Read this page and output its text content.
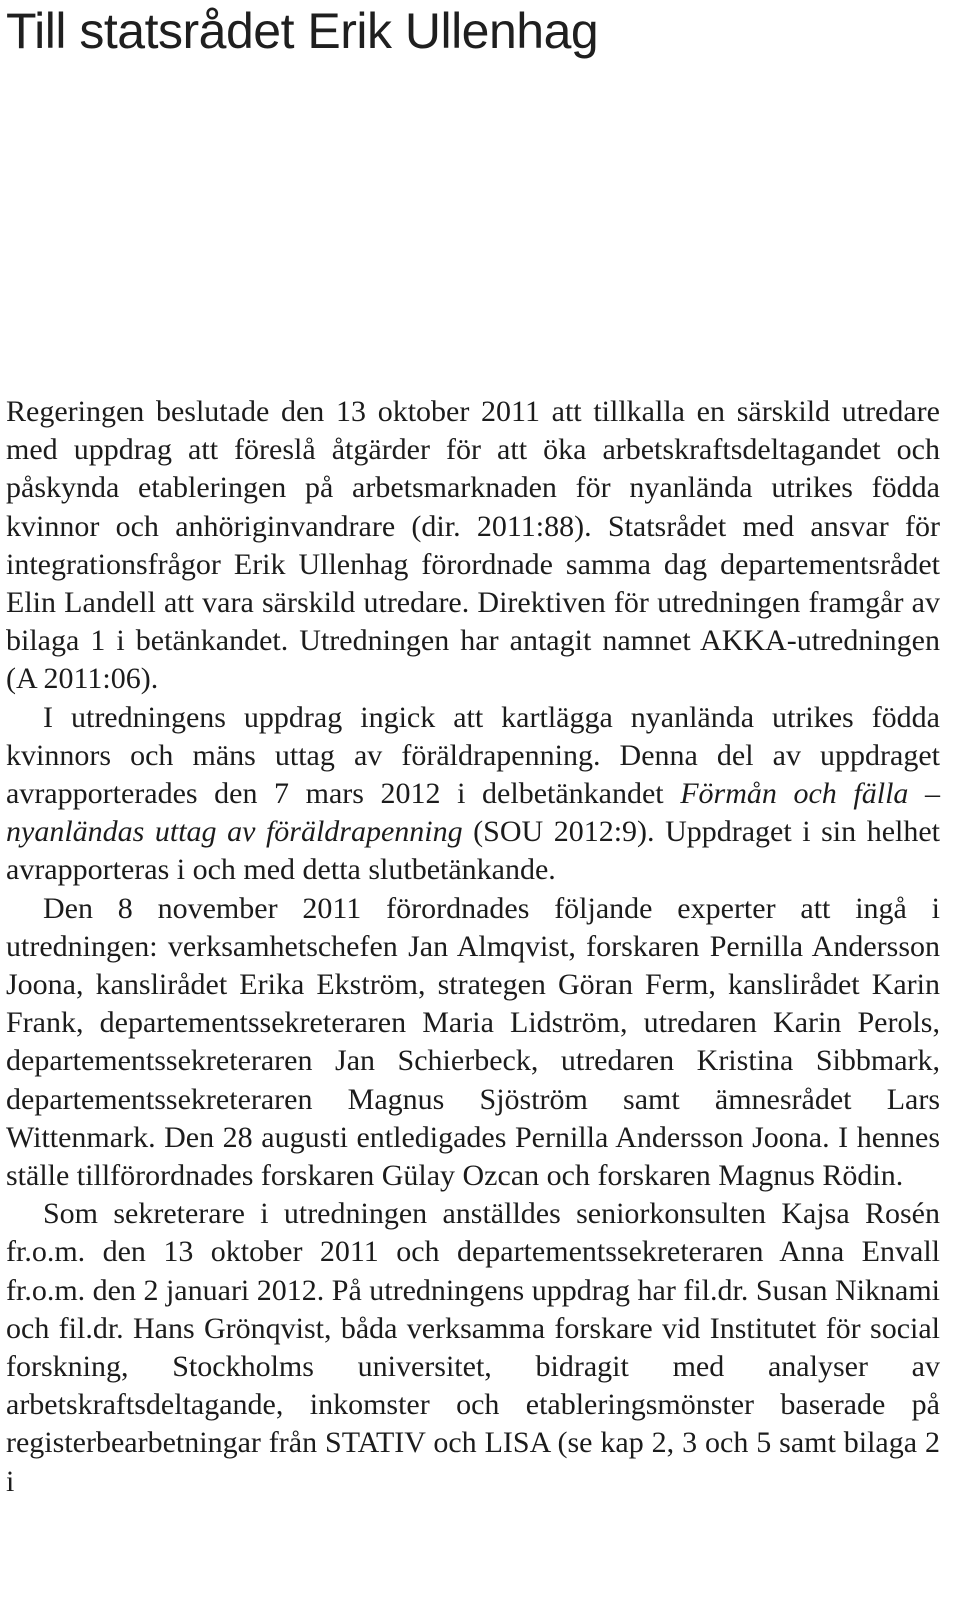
Till statsrådet Erik Ullenhag

Regeringen beslutade den 13 oktober 2011 att tillkalla en särskild utredare med uppdrag att föreslå åtgärder för att öka arbetskraftsdeltagandet och påskynda etableringen på arbetsmarknaden för nyanlända utrikes födda kvinnor och anhöriginvandrare (dir. 2011:88). Statsrådet med ansvar för integrationsfrågor Erik Ullenhag förordnade samma dag departementsrådet Elin Landell att vara särskild utredare. Direktiven för utredningen framgår av bilaga 1 i betänkandet. Utredningen har antagit namnet AKKA-utredningen (A 2011:06).

I utredningens uppdrag ingick att kartlägga nyanlända utrikes födda kvinnors och mäns uttag av föräldrapenning. Denna del av uppdraget avrapporterades den 7 mars 2012 i delbetänkandet Förmån och fälla – nyanländas uttag av föräldrapenning (SOU 2012:9). Uppdraget i sin helhet avrapporteras i och med detta slutbetänkande.

Den 8 november 2011 förordnades följande experter att ingå i utredningen: verksamhetschefen Jan Almqvist, forskaren Pernilla Andersson Joona, kanslirådet Erika Ekström, strategen Göran Ferm, kanslirådet Karin Frank, departementssekreteraren Maria Lidström, utredaren Karin Perols, departementssekreteraren Jan Schierbeck, utredaren Kristina Sibbmark, departementssekreteraren Magnus Sjöström samt ämnesrådet Lars Wittenmark. Den 28 augusti entledigades Pernilla Andersson Joona. I hennes ställe tillförordnades forskaren Gülay Ozcan och forskaren Magnus Rödin.

Som sekreterare i utredningen anställdes seniorkonsulten Kajsa Rosén fr.o.m. den 13 oktober 2011 och departementssekreteraren Anna Envall fr.o.m. den 2 januari 2012. På utredningens uppdrag har fil.dr. Susan Niknami och fil.dr. Hans Grönqvist, båda verksamma forskare vid Institutet för social forskning, Stockholms universitet, bidragit med analyser av arbetskraftsdeltagande, inkomster och etableringsmönster baserade på registerbearbetningar från STATIV och LISA (se kap 2, 3 och 5 samt bilaga 2 i
